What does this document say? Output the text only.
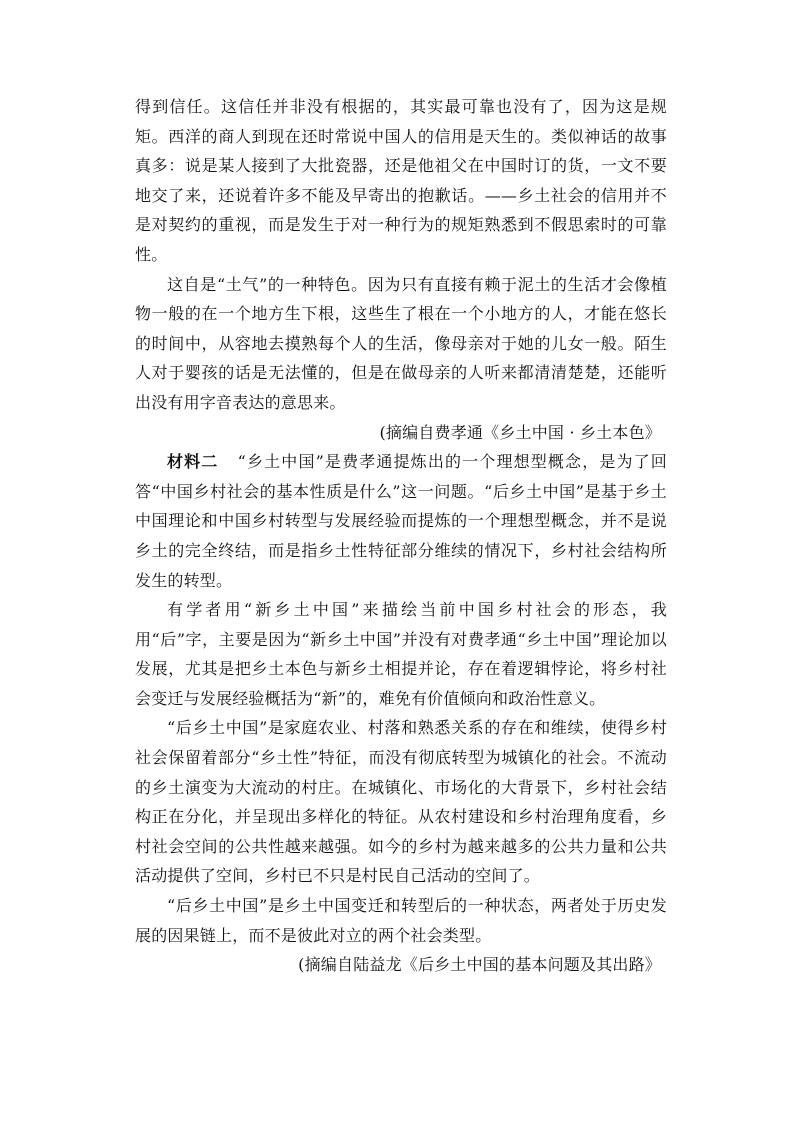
得到信任。这信任并非没有根据的，其实最可靠也没有了，因为这是规矩。西洋的商人到现在还时常说中国人的信用是天生的。类似神话的故事真多：说是某人接到了大批瓷器，还是他祖父在中国时订的货，一文不要地交了来，还说着许多不能及早寄出的抱歉话。——乡土社会的信用并不是对契约的重视，而是发生于对一种行为的规矩熟悉到不假思索时的可靠性。

这自是“土气”的一种特色。因为只有直接有赖于泥土的生活才会像植物一般的在一个地方生下根，这些生了根在一个小地方的人，才能在悠长的时间中，从容地去摸熟每个人的生活，像母亲对于她的儿女一般。陌生人对于婴孩的话是无法懂的，但是在做母亲的人听来都清清楚楚，还能听出没有用字音表达的意思来。

(摘编自费孝通《乡土中国 · 乡土本色》

材料二 “乡土中国”是费孝通提炼出的一个理想型概念，是为了回答“中国乡村社会的基本性质是什么”这一问题。“后乡土中国”是基于乡土中国理论和中国乡村转型与发展经验而提炼的一个理想型概念，并不是说乡土的完全终结，而是指乡土性特征部分维续的情况下，乡村社会结构所发生的转型。

有学者用“新乡土中国”来描绘当前中国乡村社会的形态，我用“后”字，主要是因为“新乡土中国”并没有对费孝通“乡土中国”理论加以发展，尤其是把乡土本色与新乡土相提并论，存在着逻辑悖论，将乡村社会变迁与发展经验概括为“新”的，难免有价值倾向和政治性意义。

“后乡土中国”是家庭农业、村落和熟悉关系的存在和维续，使得乡村社会保留着部分“乡土性”特征，而没有彻底转型为城镇化的社会。不流动的乡土演变为大流动的村庄。在城镇化、市场化的大背景下，乡村社会结构正在分化，并呈现出多样化的特征。从农村建设和乡村治理角度看，乡村社会空间的公共性越来越强。如今的乡村为越来越多的公共力量和公共活动提供了空间，乡村已不只是村民自己活动的空间了。

“后乡土中国”是乡土中国变迁和转型后的一种状态，两者处于历史发展的因果链上，而不是彼此对立的两个社会类型。

(摘编自陆益龙《后乡土中国的基本问题及其出路》
